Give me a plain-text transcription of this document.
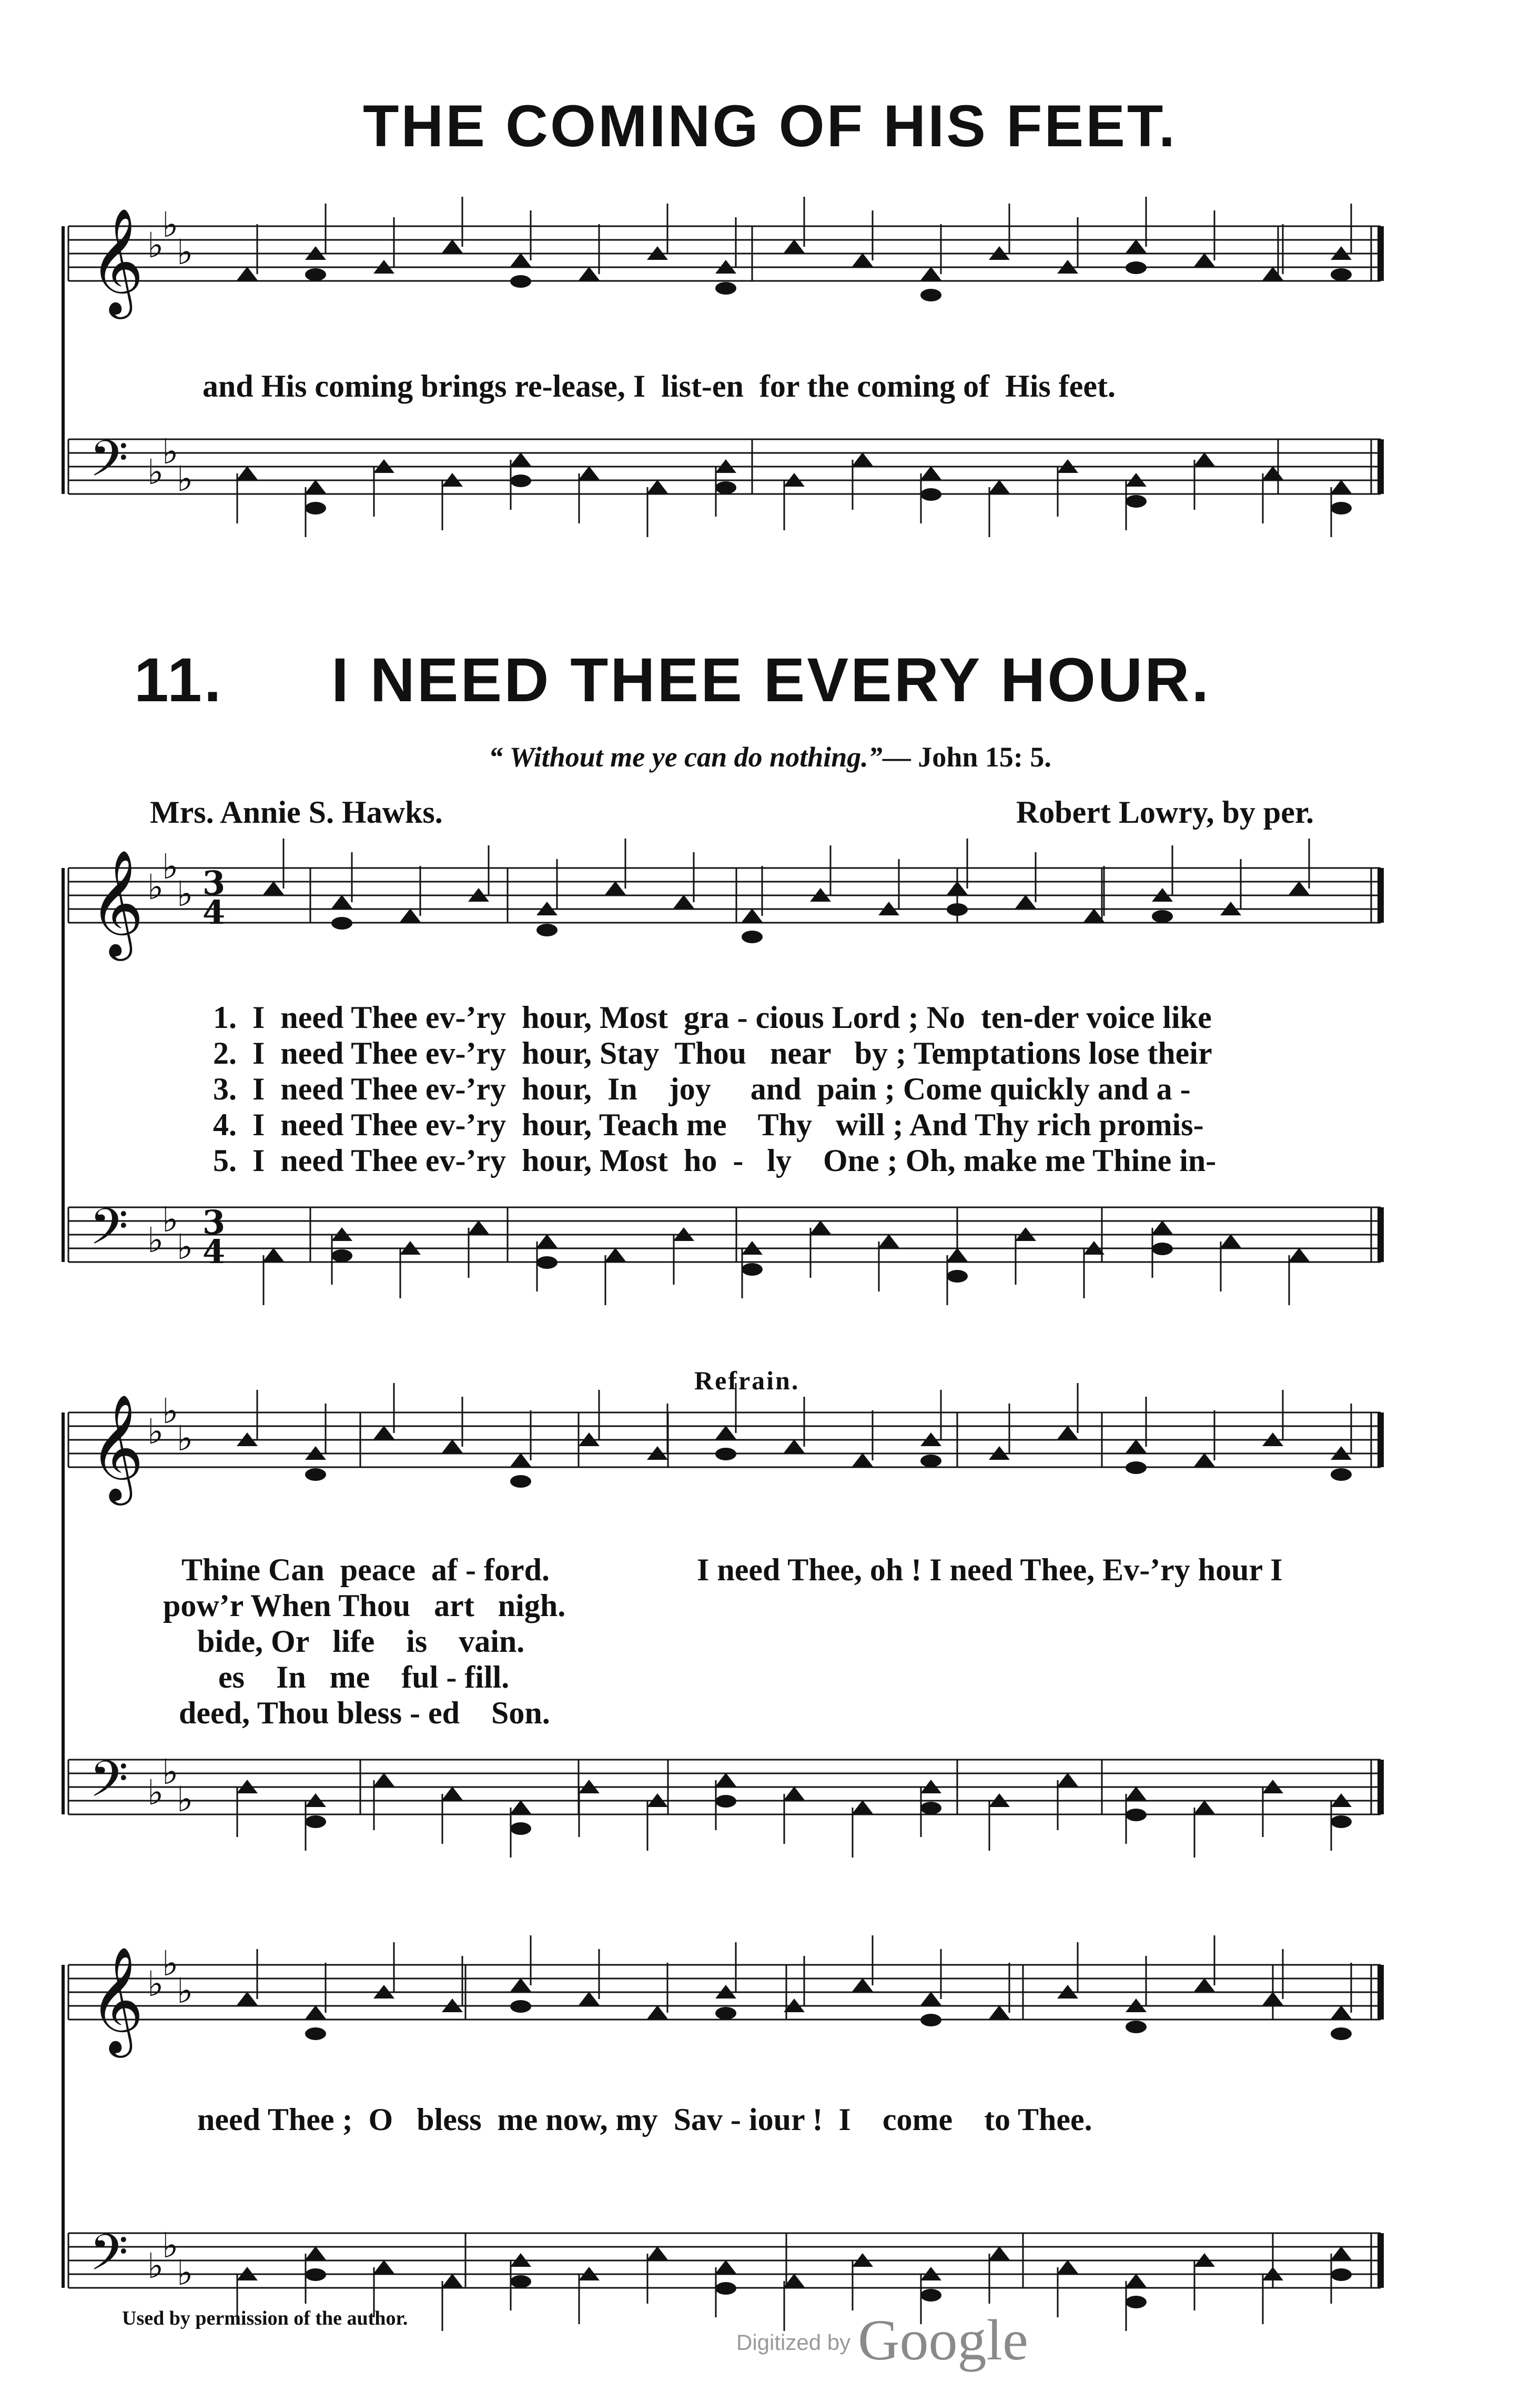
THE COMING OF HIS FEET.
11. I NEED THEE EVERY HOUR.
“ Without me ye can do nothing.”— John 15: 5.
Mrs. Annie S. Hawks.	Robert Lowry, by per.
Refrain.
and His coming brings re-lease, I  list-en  for the coming of  His feet.
1.  I  need Thee ev-’ry  hour, Most  gra - cious Lord ; No  ten-der voice like
2.  I  need Thee ev-’ry  hour, Stay  Thou   near   by ; Temptations lose their
3.  I  need Thee ev-’ry  hour,  In    joy     and  pain ; Come quickly and a -
4.  I  need Thee ev-’ry  hour, Teach me    Thy   will ; And Thy rich promis-
5.  I  need Thee ev-’ry  hour, Most  ho  -   ly    One ; Oh, make me Thine in-
Thine Can  peace  af - ford.
pow’r When Thou   art   nigh.
bide, Or   life    is    vain.
es    In   me    ful - fill.
deed, Thou bless - ed    Son.
I need Thee, oh ! I need Thee, Ev-’ry hour I
need Thee ;  O   bless  me now, my  Sav - iour !  I    come    to Thee.
Used by permission of the author.
Digitized by Google
𝄞
𝄢
♭
♭
♭
♭
♭
♭
𝄞
𝄢
♭
♭
♭
♭
♭
♭
3
4
3
4
𝄞
𝄢
♭
♭
♭
♭
♭
♭
𝄞
𝄢
♭
♭
♭
♭
♭
♭
